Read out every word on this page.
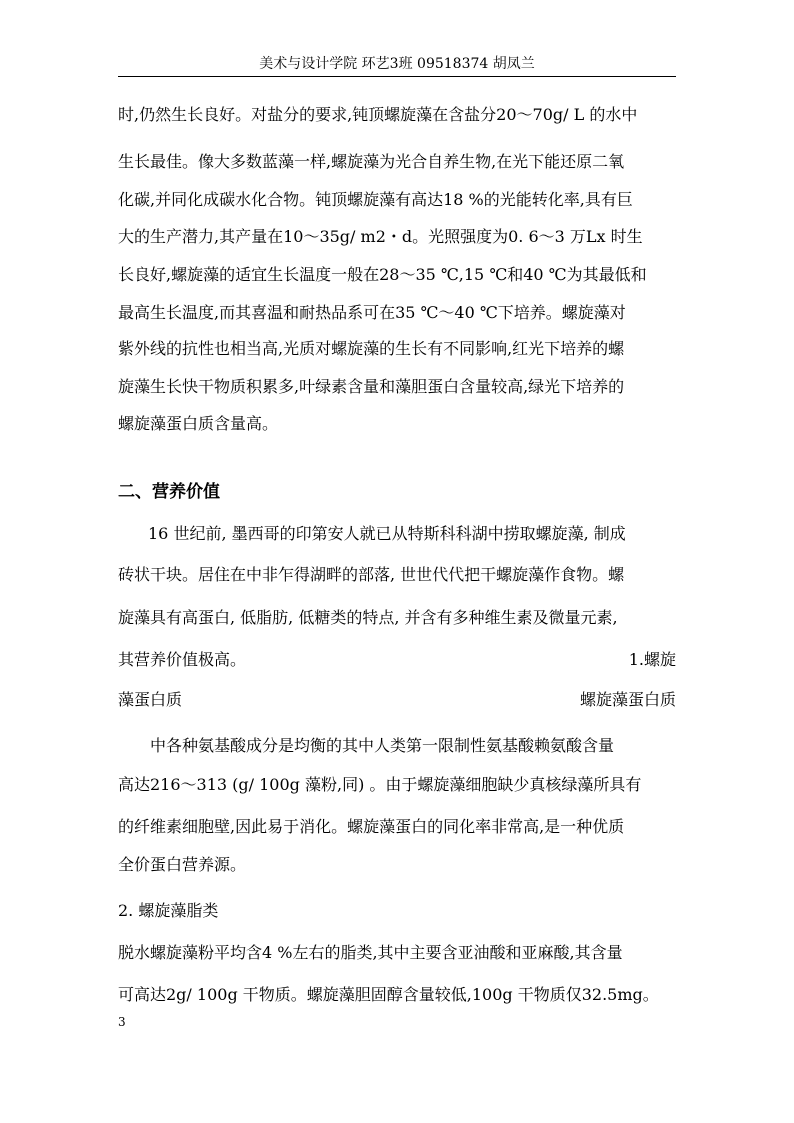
美术与设计学院 环艺3班 09518374 胡凤兰
时,仍然生长良好。对盐分的要求,钝顶螺旋藻在含盐分20～70g/ L 的水中
生长最佳。像大多数蓝藻一样,螺旋藻为光合自养生物,在光下能还原二氧
化碳,并同化成碳水化合物。钝顶螺旋藻有高达18 %的光能转化率,具有巨
大的生产潜力,其产量在10～35g/ m2・d。光照强度为0. 6～3 万Lx 时生
长良好,螺旋藻的适宜生长温度一般在28～35 ℃,15 ℃和40 ℃为其最低和
最高生长温度,而其喜温和耐热品系可在35 ℃～40 ℃下培养。螺旋藻对
紫外线的抗性也相当高,光质对螺旋藻的生长有不同影响,红光下培养的螺
旋藻生长快干物质积累多,叶绿素含量和藻胆蛋白含量较高,绿光下培养的
螺旋藻蛋白质含量高。
二、营养价值
16 世纪前, 墨西哥的印第安人就已从特斯科科湖中捞取螺旋藻, 制成
砖状干块。居住在中非乍得湖畔的部落, 世世代代把干螺旋藻作食物。螺
旋藻具有高蛋白, 低脂肪, 低糖类的特点, 并含有多种维生素及微量元素,
其营养价值极高。	1.螺旋
藻蛋白质	螺旋藻蛋白质
中各种氨基酸成分是均衡的其中人类第一限制性氨基酸赖氨酸含量
高达216～313 (g/ 100g 藻粉,同) 。由于螺旋藻细胞缺少真核绿藻所具有
的纤维素细胞壁,因此易于消化。螺旋藻蛋白的同化率非常高,是一种优质
全价蛋白营养源。
2. 螺旋藻脂类
脱水螺旋藻粉平均含4 %左右的脂类,其中主要含亚油酸和亚麻酸,其含量
可高达2g/ 100g 干物质。螺旋藻胆固醇含量较低,100g 干物质仅32.5mg。
3
